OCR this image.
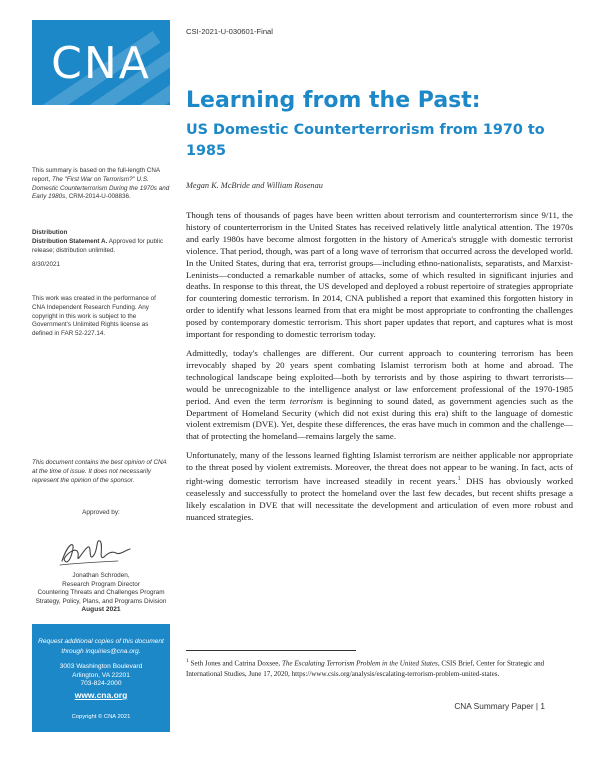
CNA

This summary is based on the full-length CNA report, The "First War on Terrorism?" U.S. Domestic Counterterrorism During the 1970s and Early 1980s, CRM-2014-U-008836.

Distribution

Distribution Statement A. Approved for public release; distribution unlimited.

8/30/2021

This work was created in the performance of CNA Independent Research Funding. Any copyright in this work is subject to the Government's Unlimited Rights license as defined in FAR 52-227.14.

This document contains the best opinion of CNA at the time of issue. It does not necessarily represent the opinion of the sponsor.

Approved by:
Jonathan Schroden,
Research Program Director
Countering Threats and Challenges Program
Strategy, Policy, Plans, and Programs Division
August 2021
Request additional copies of this document through inquiries@cna.org.
3003 Washington Boulevard
Arlington, VA 22201
703-824-2000
www.cna.org
Copyright © CNA 2021
CSI-2021-U-030601-Final
Learning from the Past:
US Domestic Counterterrorism from 1970 to 1985
Megan K. McBride and William Rosenau

Though tens of thousands of pages have been written about terrorism and counterterrorism since 9/11, the history of counterterrorism in the United States has received relatively little analytical attention. The 1970s and early 1980s have become almost forgotten in the history of America's struggle with domestic terrorist violence. That period, though, was part of a long wave of terrorism that occurred across the developed world. In the United States, during that era, terrorist groups—including ethno-nationalists, separatists, and Marxist-Leninists—conducted a remarkable number of attacks, some of which resulted in significant injuries and deaths. In response to this threat, the US developed and deployed a robust repertoire of strategies appropriate for countering domestic terrorism. In 2014, CNA published a report that examined this forgotten history in order to identify what lessons learned from that era might be most appropriate to confronting the challenges posed by contemporary domestic terrorism. This short paper updates that report, and captures what is most important for responding to domestic terrorism today.

Admittedly, today's challenges are different. Our current approach to countering terrorism has been irrevocably shaped by 20 years spent combating Islamist terrorism both at home and abroad. The technological landscape being exploited—both by terrorists and by those aspiring to thwart terrorists—would be unrecognizable to the intelligence analyst or law enforcement professional of the 1970-1985 period. And even the term terrorism is beginning to sound dated, as government agencies such as the Department of Homeland Security (which did not exist during this era) shift to the language of domestic violent extremism (DVE). Yet, despite these differences, the eras have much in common and the challenge—that of protecting the homeland—remains largely the same.

Unfortunately, many of the lessons learned fighting Islamist terrorism are neither applicable nor appropriate to the threat posed by violent extremists. Moreover, the threat does not appear to be waning. In fact, acts of right-wing domestic terrorism have increased steadily in recent years.$^1$ DHS has obviously worked ceaselessly and successfully to protect the homeland over the last few decades, but recent shifts presage a likely escalation in DVE that will necessitate the development and articulation of even more robust and nuanced strategies.

$^1$ Seth Jones and Catrina Doxsee, The Escalating Terrorism Problem in the United States, CSIS Brief, Center for Strategic and International Studies, June 17, 2020, https://www.csis.org/analysis/escalating-terrorism-problem-united-states.
CNA Summary Paper | 1
